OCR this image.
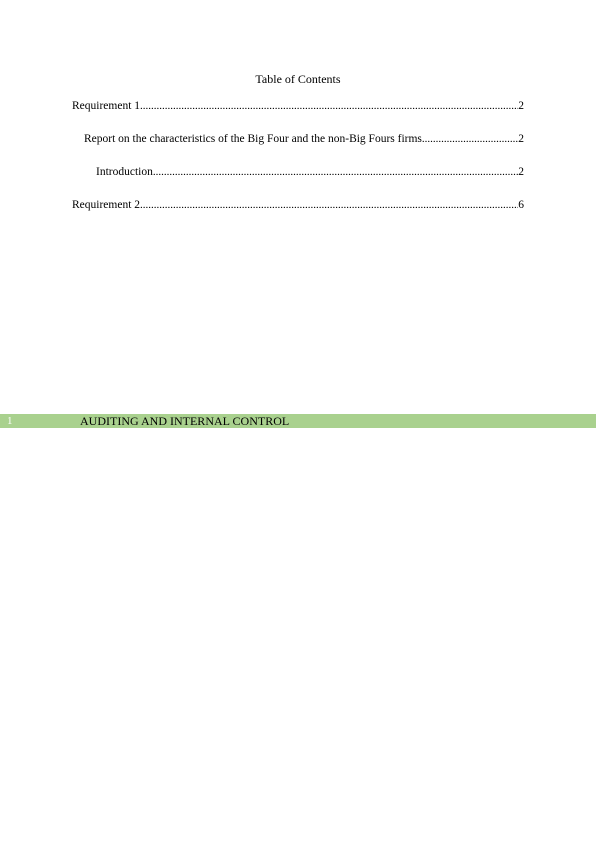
Table of Contents
Requirement 1 .....	2
Report on the characteristics of the Big Four and the non-Big Fours firms .....	2
Introduction .....	2
Requirement 2 .....	6
1	AUDITING AND INTERNAL CONTROL
